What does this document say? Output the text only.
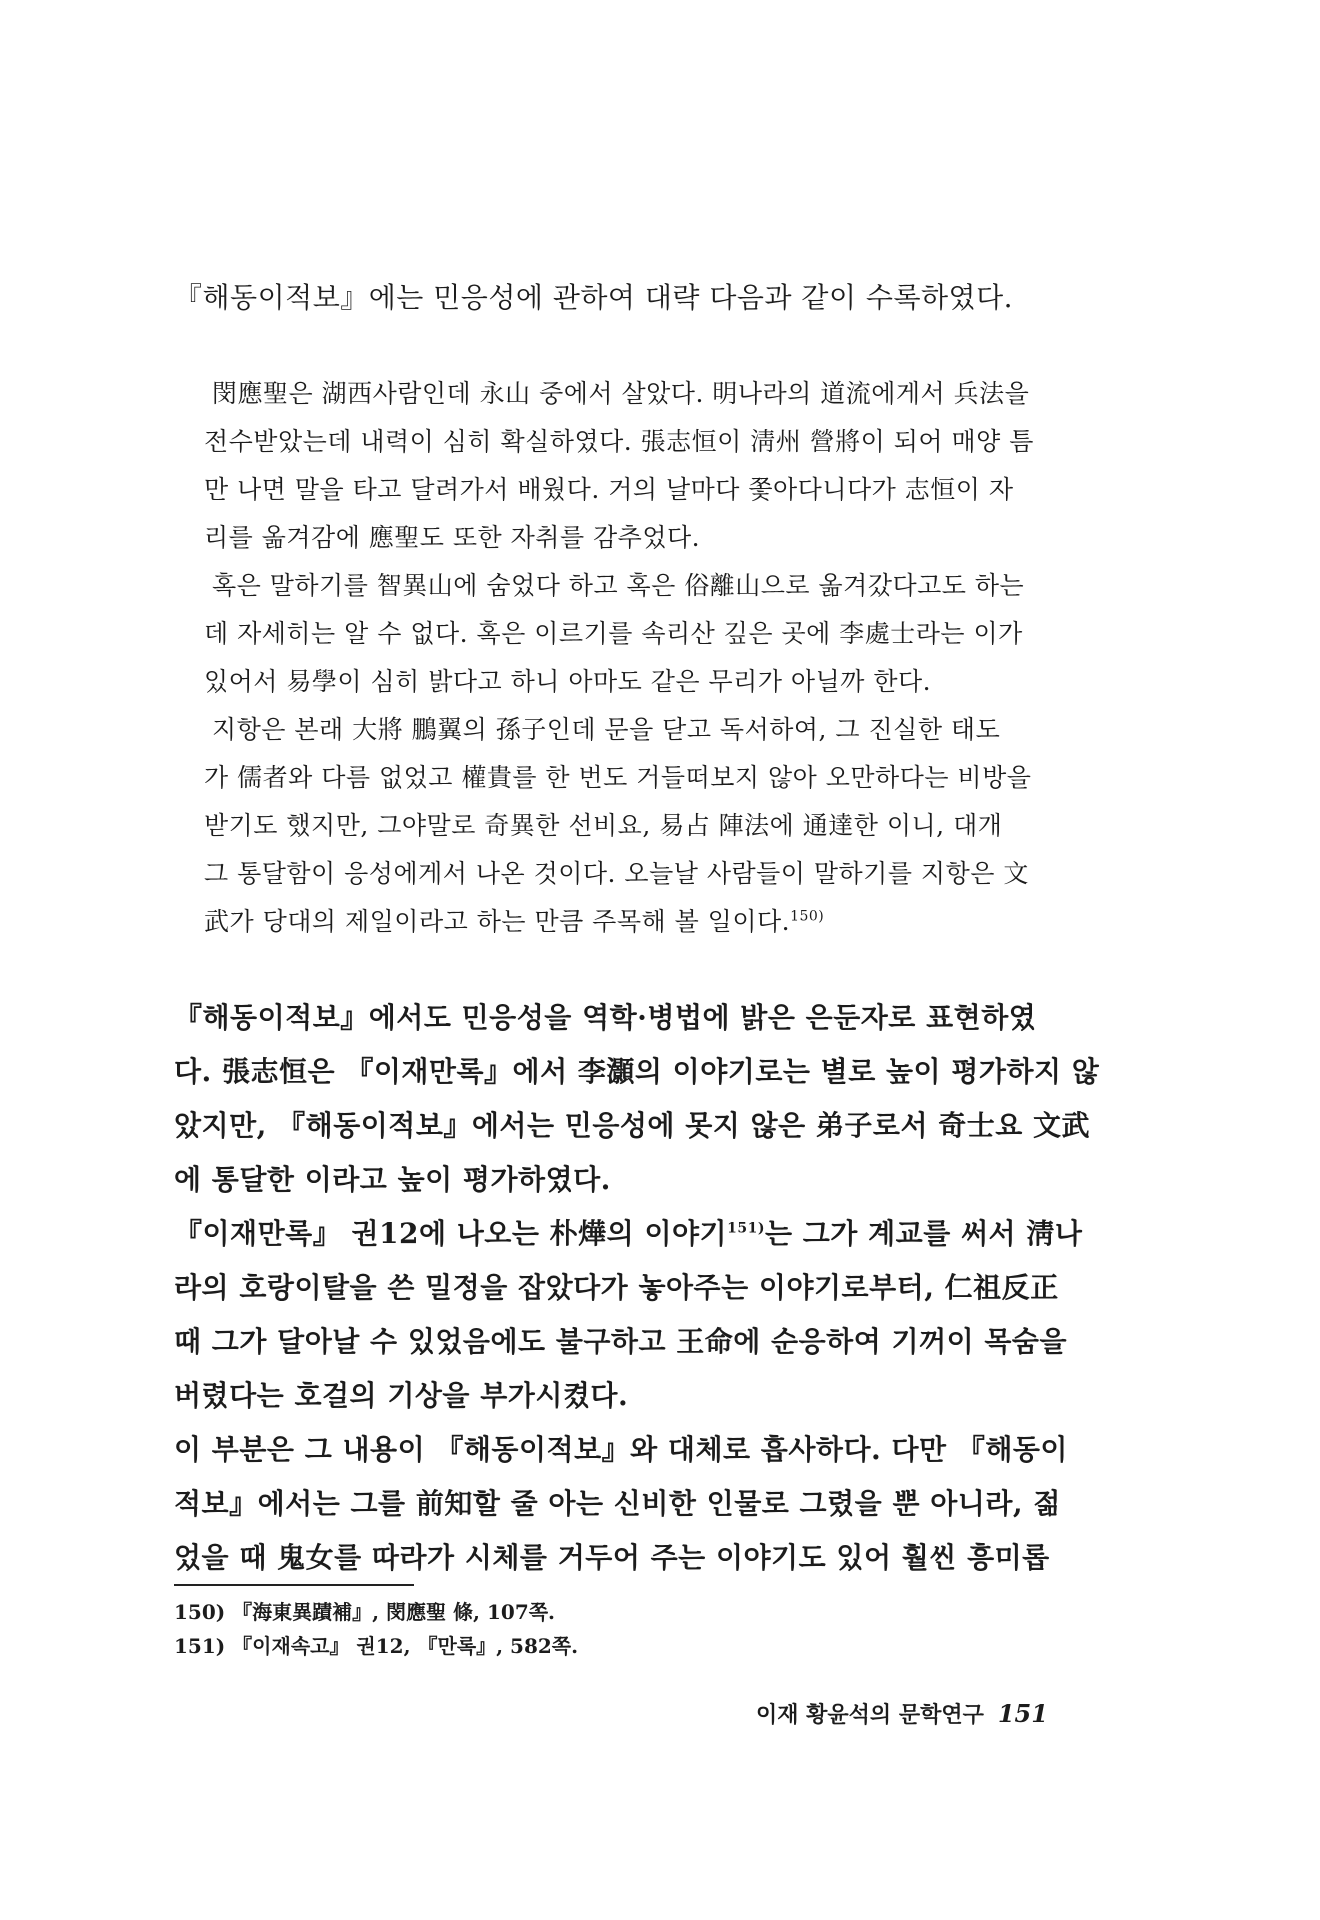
『해동이적보』에는 민응성에 관하여 대략 다음과 같이 수록하였다.
閔應聖은 湖西사람인데 永山 중에서 살았다. 明나라의 道流에게서 兵法을
전수받았는데 내력이 심히 확실하였다. 張志恒이 淸州 營將이 되어 매양 틈
만 나면 말을 타고 달려가서 배웠다. 거의 날마다 쫓아다니다가 志恒이 자
리를 옮겨감에 應聖도 또한 자취를 감추었다.
혹은 말하기를 智異山에 숨었다 하고 혹은 俗離山으로 옮겨갔다고도 하는
데 자세히는 알 수 없다. 혹은 이르기를 속리산 깊은 곳에 李處士라는 이가
있어서 易學이 심히 밝다고 하니 아마도 같은 무리가 아닐까 한다.
지항은 본래 大將 鵬翼의 孫子인데 문을 닫고 독서하여, 그 진실한 태도
가 儒者와 다름 없었고 權貴를 한 번도 거들떠보지 않아 오만하다는 비방을
받기도 했지만, 그야말로 奇異한 선비요, 易占 陣法에 通達한 이니, 대개
그 통달함이 응성에게서 나온 것이다. 오늘날 사람들이 말하기를 지항은 文
武가 당대의 제일이라고 하는 만큼 주목해 볼 일이다.$^{150)}$
『해동이적보』에서도 민응성을 역학·병법에 밝은 은둔자로 표현하였
다. 張志恒은 『이재만록』에서 李灝의 이야기로는 별로 높이 평가하지 않
았지만, 『해동이적보』에서는 민응성에 못지 않은 弟子로서 奇士요 文武
에 통달한 이라고 높이 평가하였다.
『이재만록』 권12에 나오는 朴燁의 이야기$^{151)}$는 그가 계교를 써서 淸나
라의 호랑이탈을 쓴 밀정을 잡았다가 놓아주는 이야기로부터, 仁祖反正
때 그가 달아날 수 있었음에도 불구하고 王命에 순응하여 기꺼이 목숨을
버렸다는 호걸의 기상을 부가시켰다.
이 부분은 그 내용이 『해동이적보』와 대체로 흡사하다. 다만 『해동이
적보』에서는 그를 前知할 줄 아는 신비한 인물로 그렸을 뿐 아니라, 젊
었을 때 鬼女를 따라가 시체를 거두어 주는 이야기도 있어 훨씬 흥미롭
150) 『海東異蹟補』, 閔應聖 條, 107쪽.
151) 『이재속고』 권12, 『만록』, 582쪽.
이재 황윤석의 문학연구 151
